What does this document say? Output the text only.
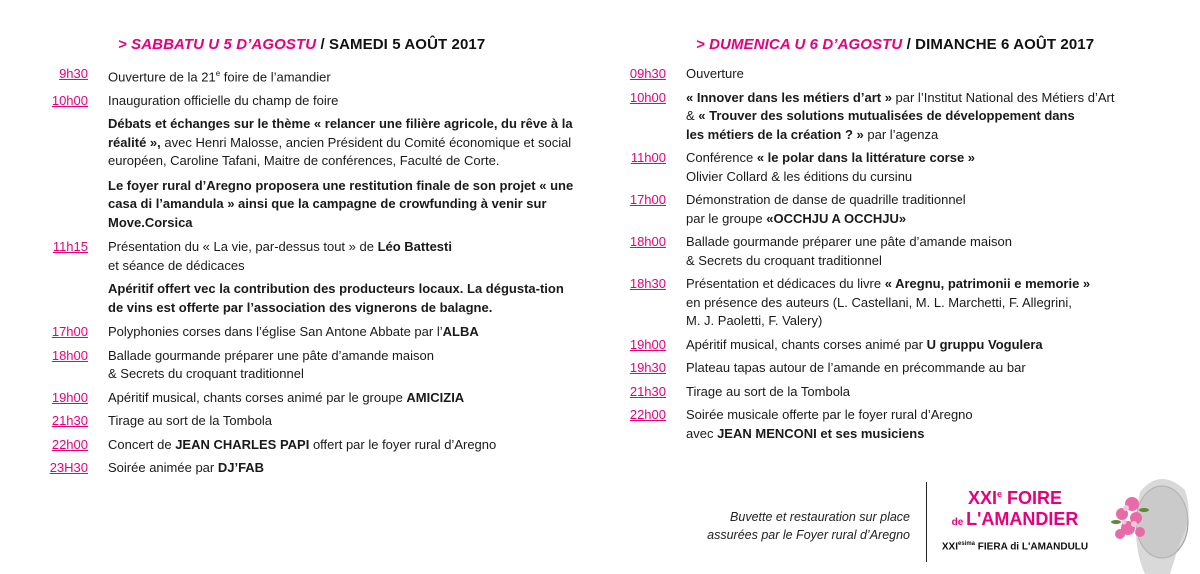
> SABBATU U 5 D’AGOSTU / SAMEDI 5 AOÛT 2017
9h30 Ouverture de la 21e foire de l’amandier
10h00 Inauguration officielle du champ de foire
Débats et échanges sur le thème « relancer une filière agricole, du rêve à la réalité », avec Henri Malosse, ancien Président du Comité économique et social européen, Caroline Tafani, Maitre de conférences, Faculté de Corte.
Le foyer rural d’Aregno proposera une restitution finale de son projet « une casa di l’amandula » ainsi que la campagne de crowfunding à venir sur Move.Corsica
11h15 Présentation du « La vie, par-dessus tout » de Léo Battesti
et séance de dédicaces
Apéritif offert vec la contribution des producteurs locaux. La dégusta-tion de vins est offerte par l’association des vignerons de balagne.
17h00 Polyphonies corses dans l’église San Antone Abbate par l’ALBA
18h00 Ballade gourmande préparer une pâte d’amande maison
& Secrets du croquant traditionnel
19h00 Apéritif musical, chants corses animé par le groupe AMICIZIA
21h30 Tirage au sort de la Tombola
22h00 Concert de JEAN CHARLES PAPI offert par le foyer rural d’Aregno
23H30 Soirée animée par DJ’FAB
> DUMENICA U 6 D’AGOSTU / DIMANCHE 6 AOÛT 2017
09h30 Ouverture
10h00 « Innover dans les métiers d’art » par l’Institut National des Métiers d’Art
& « Trouver des solutions mutualisées de développement dans
les métiers de la création ? » par l’agenza
11h00 Conférence « le polar dans la littérature corse »
Olivier Collard & les éditions du cursinu
17h00 Démonstration de danse de quadrille traditionnel
par le groupe «OCCHJU A OCCHJU»
18h00 Ballade gourmande préparer une pâte d’amande maison
& Secrets du croquant traditionnel
18h30 Présentation et dédicaces du livre « Aregnu, patrimonii e memorie »
en présence des auteurs (L. Castellani, M. L. Marchetti, F. Allegrini,
M. J. Paoletti, F. Valery)
19h00 Apéritif musical, chants corses animé par U gruppu Vogulera
19h30 Plateau tapas autour de l’amande en précommande au bar
21h30 Tirage au sort de la Tombola
22h00 Soirée musicale offerte par le foyer rural d’Aregno
avec JEAN MENCONI et ses musiciens
Buvette et restauration sur place
assurées par le Foyer rural d’Aregno
XXIe FOIRE
de L'AMANDIER
$XXI^{esima}$ FIERA di L'AMANDULU
